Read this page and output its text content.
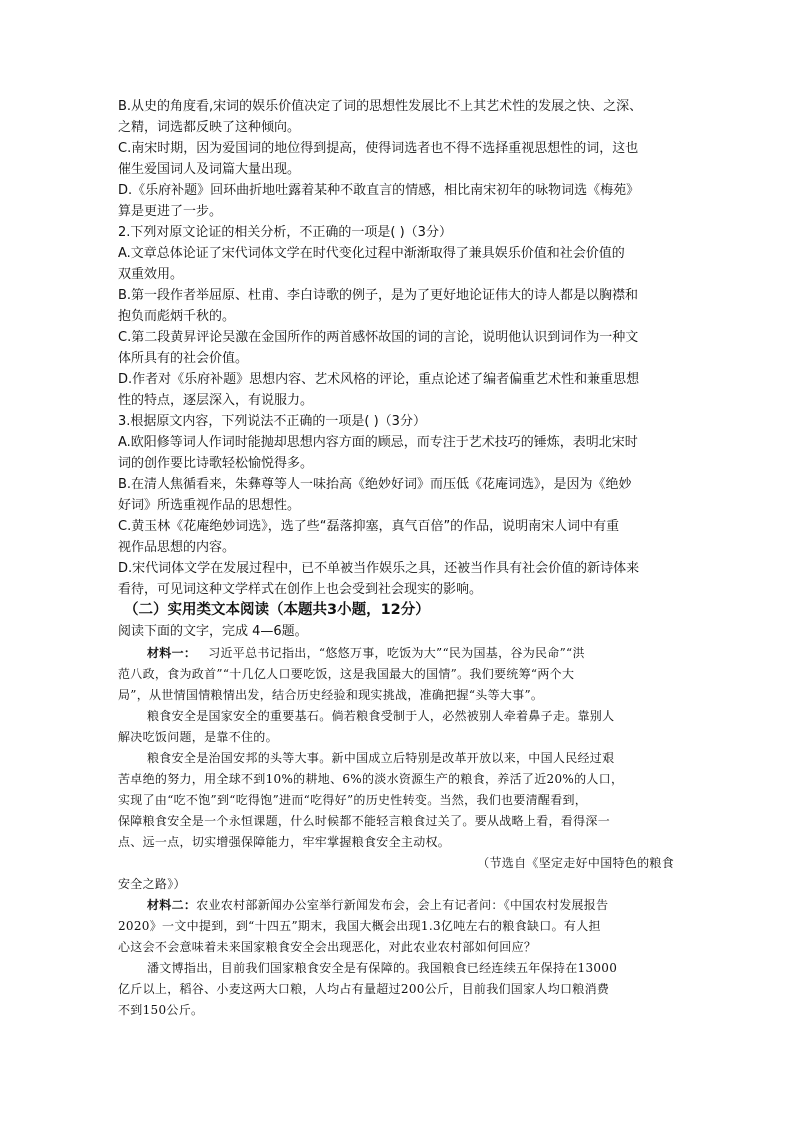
B.从史的角度看,宋词的娱乐价值决定了词的思想性发展比不上其艺术性的发展之快、之深、
之精，词选都反映了这种倾向。
C.南宋时期，因为爱国词的地位得到提高，使得词选者也不得不选择重视思想性的词，这也
催生爱国词人及词篇大量出现。
D.《乐府补题》回环曲折地吐露着某种不敢直言的情感，相比南宋初年的咏物词选《梅苑》
算是更进了一步。
2.下列对原文论证的相关分析，不正确的一项是( )（3分）
A.文章总体论证了宋代词体文学在时代变化过程中渐渐取得了兼具娱乐价值和社会价值的
双重效用。
B.第一段作者举屈原、杜甫、李白诗歌的例子，是为了更好地论证伟大的诗人都是以胸襟和
抱负而彪炳千秋的。
C.第二段黄昇评论吴激在金国所作的两首感怀故国的词的言论，说明他认识到词作为一种文
体所具有的社会价值。
D.作者对《乐府补题》思想内容、艺术风格的评论，重点论述了编者偏重艺术性和兼重思想
性的特点，逐层深入，有说服力。
3.根据原文内容，下列说法不正确的一项是( )（3分）
A.欧阳修等词人作词时能抛却思想内容方面的顾忌，而专注于艺术技巧的锤炼，表明北宋时
词的创作要比诗歌轻松愉悦得多。
B.在清人焦循看来，朱彝尊等人一味抬高《绝妙好词》而压低《花庵词选》，是因为《绝妙
好词》所选重视作品的思想性。
C.黄玉林《花庵绝妙词选》，选了些“磊落抑塞，真气百倍”的作品，说明南宋人词中有重
视作品思想的内容。
D.宋代词体文学在发展过程中，已不单被当作娱乐之具，还被当作具有社会价值的新诗体来
看待，可见词这种文学样式在创作上也会受到社会现实的影响。
（二）实用类文本阅读（本题共3小题，12分）
阅读下面的文字，完成 4—6题。
材料一： 习近平总书记指出，“悠悠万事，吃饭为大”“民为国基，谷为民命”“洪
范八政，食为政首”“十几亿人口要吃饭，这是我国最大的国情”。我们要统筹“两个大
局”，从世情国情粮情出发，结合历史经验和现实挑战，准确把握“头等大事”。
粮食安全是国家安全的重要基石。倘若粮食受制于人，必然被别人牵着鼻子走。靠别人
解决吃饭问题，是靠不住的。
粮食安全是治国安邦的头等大事。新中国成立后特别是改革开放以来，中国人民经过艰
苦卓绝的努力，用全球不到10%的耕地、6%的淡水资源生产的粮食，养活了近20%的人口，
实现了由“吃不饱”到“吃得饱”进而“吃得好”的历史性转变。当然，我们也要清醒看到，
保障粮食安全是一个永恒课题，什么时候都不能轻言粮食过关了。要从战略上看，看得深一
点、远一点，切实增强保障能力，牢牢掌握粮食安全主动权。
（节选自《坚定走好中国特色的粮食
安全之路》）
材料二：农业农村部新闻办公室举行新闻发布会，会上有记者问：《中国农村发展报告
2020》一文中提到，到“十四五”期末，我国大概会出现1.3亿吨左右的粮食缺口。有人担
心这会不会意味着未来国家粮食安全会出现恶化，对此农业农村部如何回应？
潘文博指出，目前我们国家粮食安全是有保障的。我国粮食已经连续五年保持在13000
亿斤以上，稻谷、小麦这两大口粮，人均占有量超过200公斤，目前我们国家人均口粮消费
不到150公斤。
